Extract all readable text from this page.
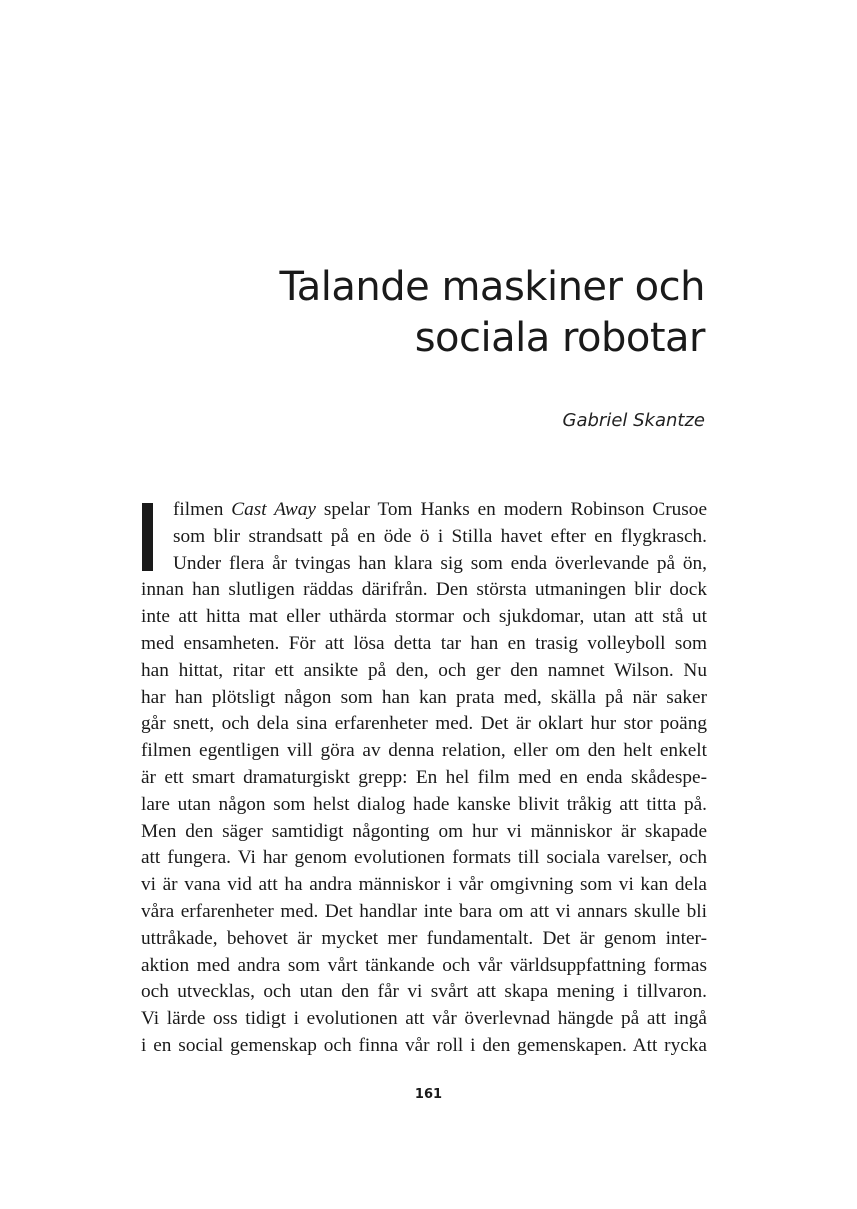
Talande maskiner och
sociala robotar
Gabriel Skantze
filmen Cast Away spelar Tom Hanks en modern Robinson Crusoe
som blir strandsatt på en öde ö i Stilla havet efter en flygkrasch.
Under flera år tvingas han klara sig som enda överlevande på ön,
innan han slutligen räddas därifrån. Den största utmaningen blir dock
inte att hitta mat eller uthärda stormar och sjukdomar, utan att stå ut
med ensamheten. För att lösa detta tar han en trasig volleyboll som
han hittat, ritar ett ansikte på den, och ger den namnet Wilson. Nu
har han plötsligt någon som han kan prata med, skälla på när saker
går snett, och dela sina erfarenheter med. Det är oklart hur stor poäng
filmen egentligen vill göra av denna relation, eller om den helt enkelt
är ett smart dramaturgiskt grepp: En hel film med en enda skådespe-
lare utan någon som helst dialog hade kanske blivit tråkig att titta på.
Men den säger samtidigt någonting om hur vi människor är skapade
att fungera. Vi har genom evolutionen formats till sociala varelser, och
vi är vana vid att ha andra människor i vår omgivning som vi kan dela
våra erfarenheter med. Det handlar inte bara om att vi annars skulle bli
uttråkade, behovet är mycket mer fundamentalt. Det är genom inter-
aktion med andra som vårt tänkande och vår världsuppfattning formas
och utvecklas, och utan den får vi svårt att skapa mening i tillvaron.
Vi lärde oss tidigt i evolutionen att vår överlevnad hängde på att ingå
i en social gemenskap och finna vår roll i den gemenskapen. Att rycka
161
